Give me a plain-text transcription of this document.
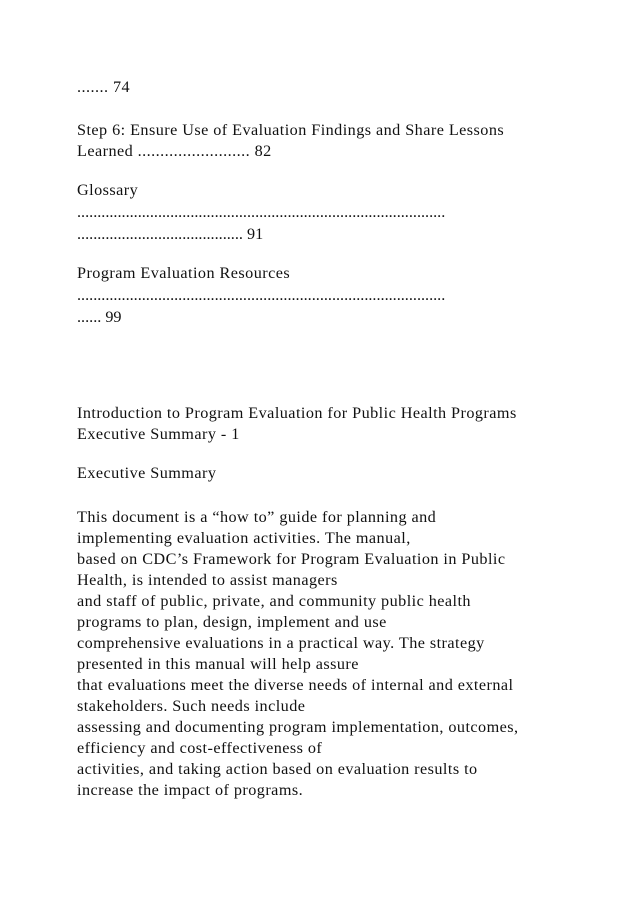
....... 74
Step 6: Ensure Use of Evaluation Findings and Share Lessons
Learned ......................... 82
Glossary
...........................................................................................
......................................... 91
Program Evaluation Resources
...........................................................................................
...... 99
Introduction to Program Evaluation for Public Health Programs
Executive Summary - 1
Executive Summary
This document is a “how to” guide for planning and
implementing evaluation activities. The manual,
based on CDC’s Framework for Program Evaluation in Public
Health, is intended to assist managers
and staff of public, private, and community public health
programs to plan, design, implement and use
comprehensive evaluations in a practical way. The strategy
presented in this manual will help assure
that evaluations meet the diverse needs of internal and external
stakeholders. Such needs include
assessing and documenting program implementation, outcomes,
efficiency and cost-effectiveness of
activities, and taking action based on evaluation results to
increase the impact of programs.
